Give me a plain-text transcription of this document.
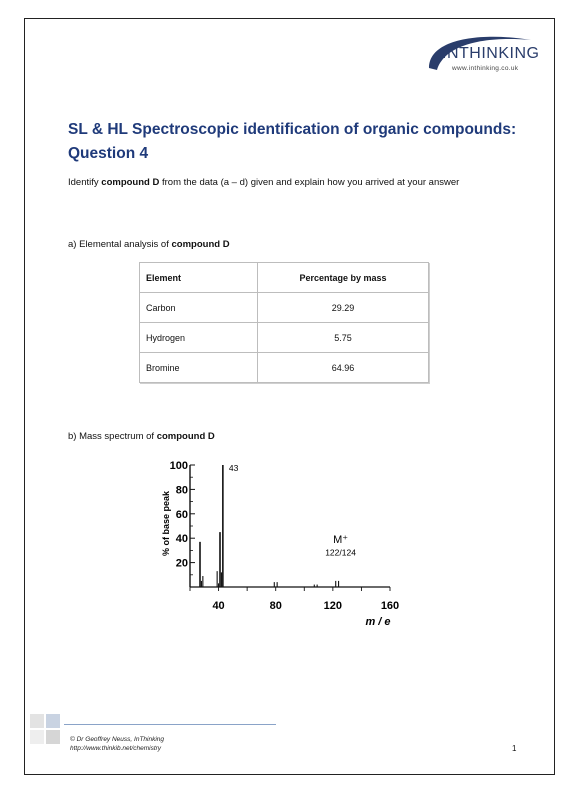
INTHINKING
www.inthinking.co.uk
SL & HL Spectroscopic identification of organic compounds: Question 4
Identify compound D from the data (a – d) given and explain how you arrived at your answer
a) Elemental analysis of compound D
Element	Percentage by mass
Carbon	29.29
Hydrogen	5.75
Bromine	64.96
b) Mass spectrum of compound D
20
40
60
80
100
40	80	120	160
% of base peak
m / e
43
M⁺
122/124
© Dr Geoffrey Neuss, InThinking
http://www.thinkib.net/chemistry	1
